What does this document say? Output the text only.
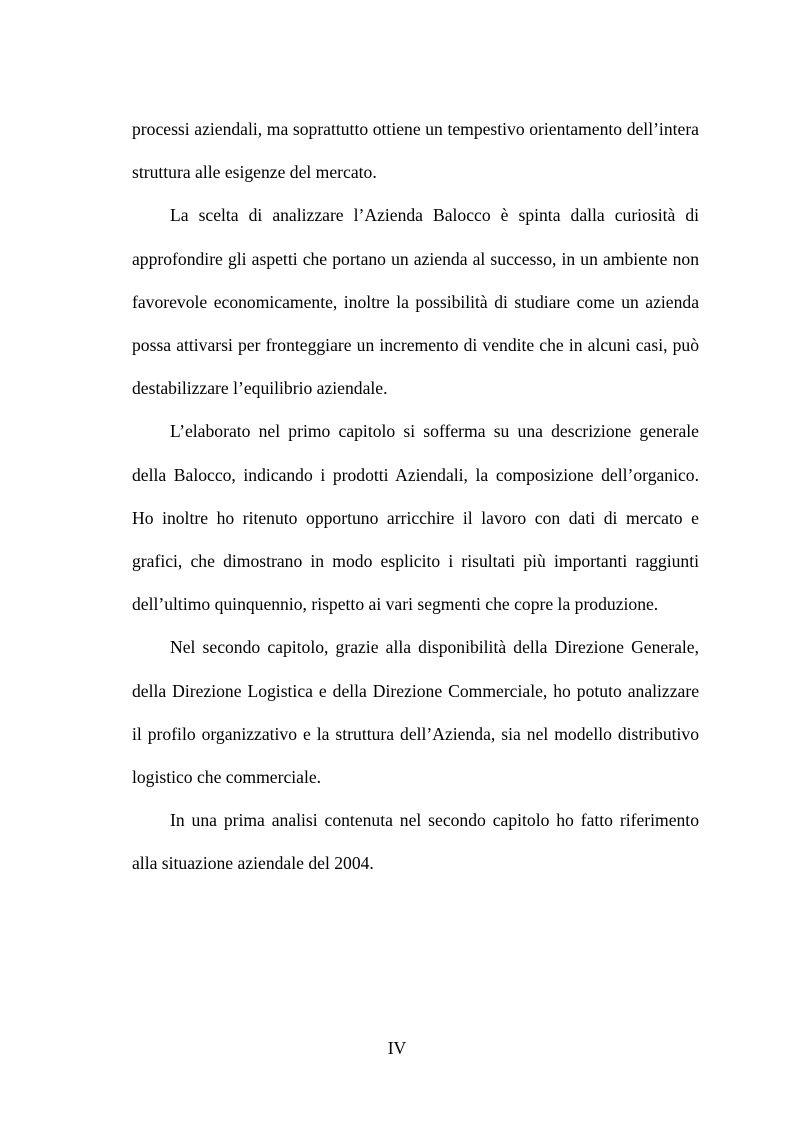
processi aziendali, ma soprattutto ottiene un tempestivo orientamento dell’intera struttura alle esigenze del mercato.

La scelta di analizzare l’Azienda Balocco è spinta dalla curiosità di approfondire gli aspetti che portano un azienda al successo, in un ambiente non favorevole economicamente, inoltre la possibilità di studiare come un azienda possa attivarsi per fronteggiare un incremento di vendite che in alcuni casi, può destabilizzare l’equilibrio aziendale.

L’elaborato nel primo capitolo si sofferma su una descrizione generale della Balocco, indicando i prodotti Aziendali, la composizione dell’organico. Ho inoltre ho ritenuto opportuno arricchire il lavoro con dati di mercato e grafici, che dimostrano in modo esplicito i risultati più importanti raggiunti dell’ultimo quinquennio, rispetto ai vari segmenti che copre la produzione.

Nel secondo capitolo, grazie alla disponibilità della Direzione Generale, della Direzione Logistica e della Direzione Commerciale, ho potuto analizzare il profilo organizzativo e la struttura dell’Azienda, sia nel modello distributivo logistico che commerciale.

In una prima analisi contenuta nel secondo capitolo ho fatto riferimento alla situazione aziendale del 2004.

IV
